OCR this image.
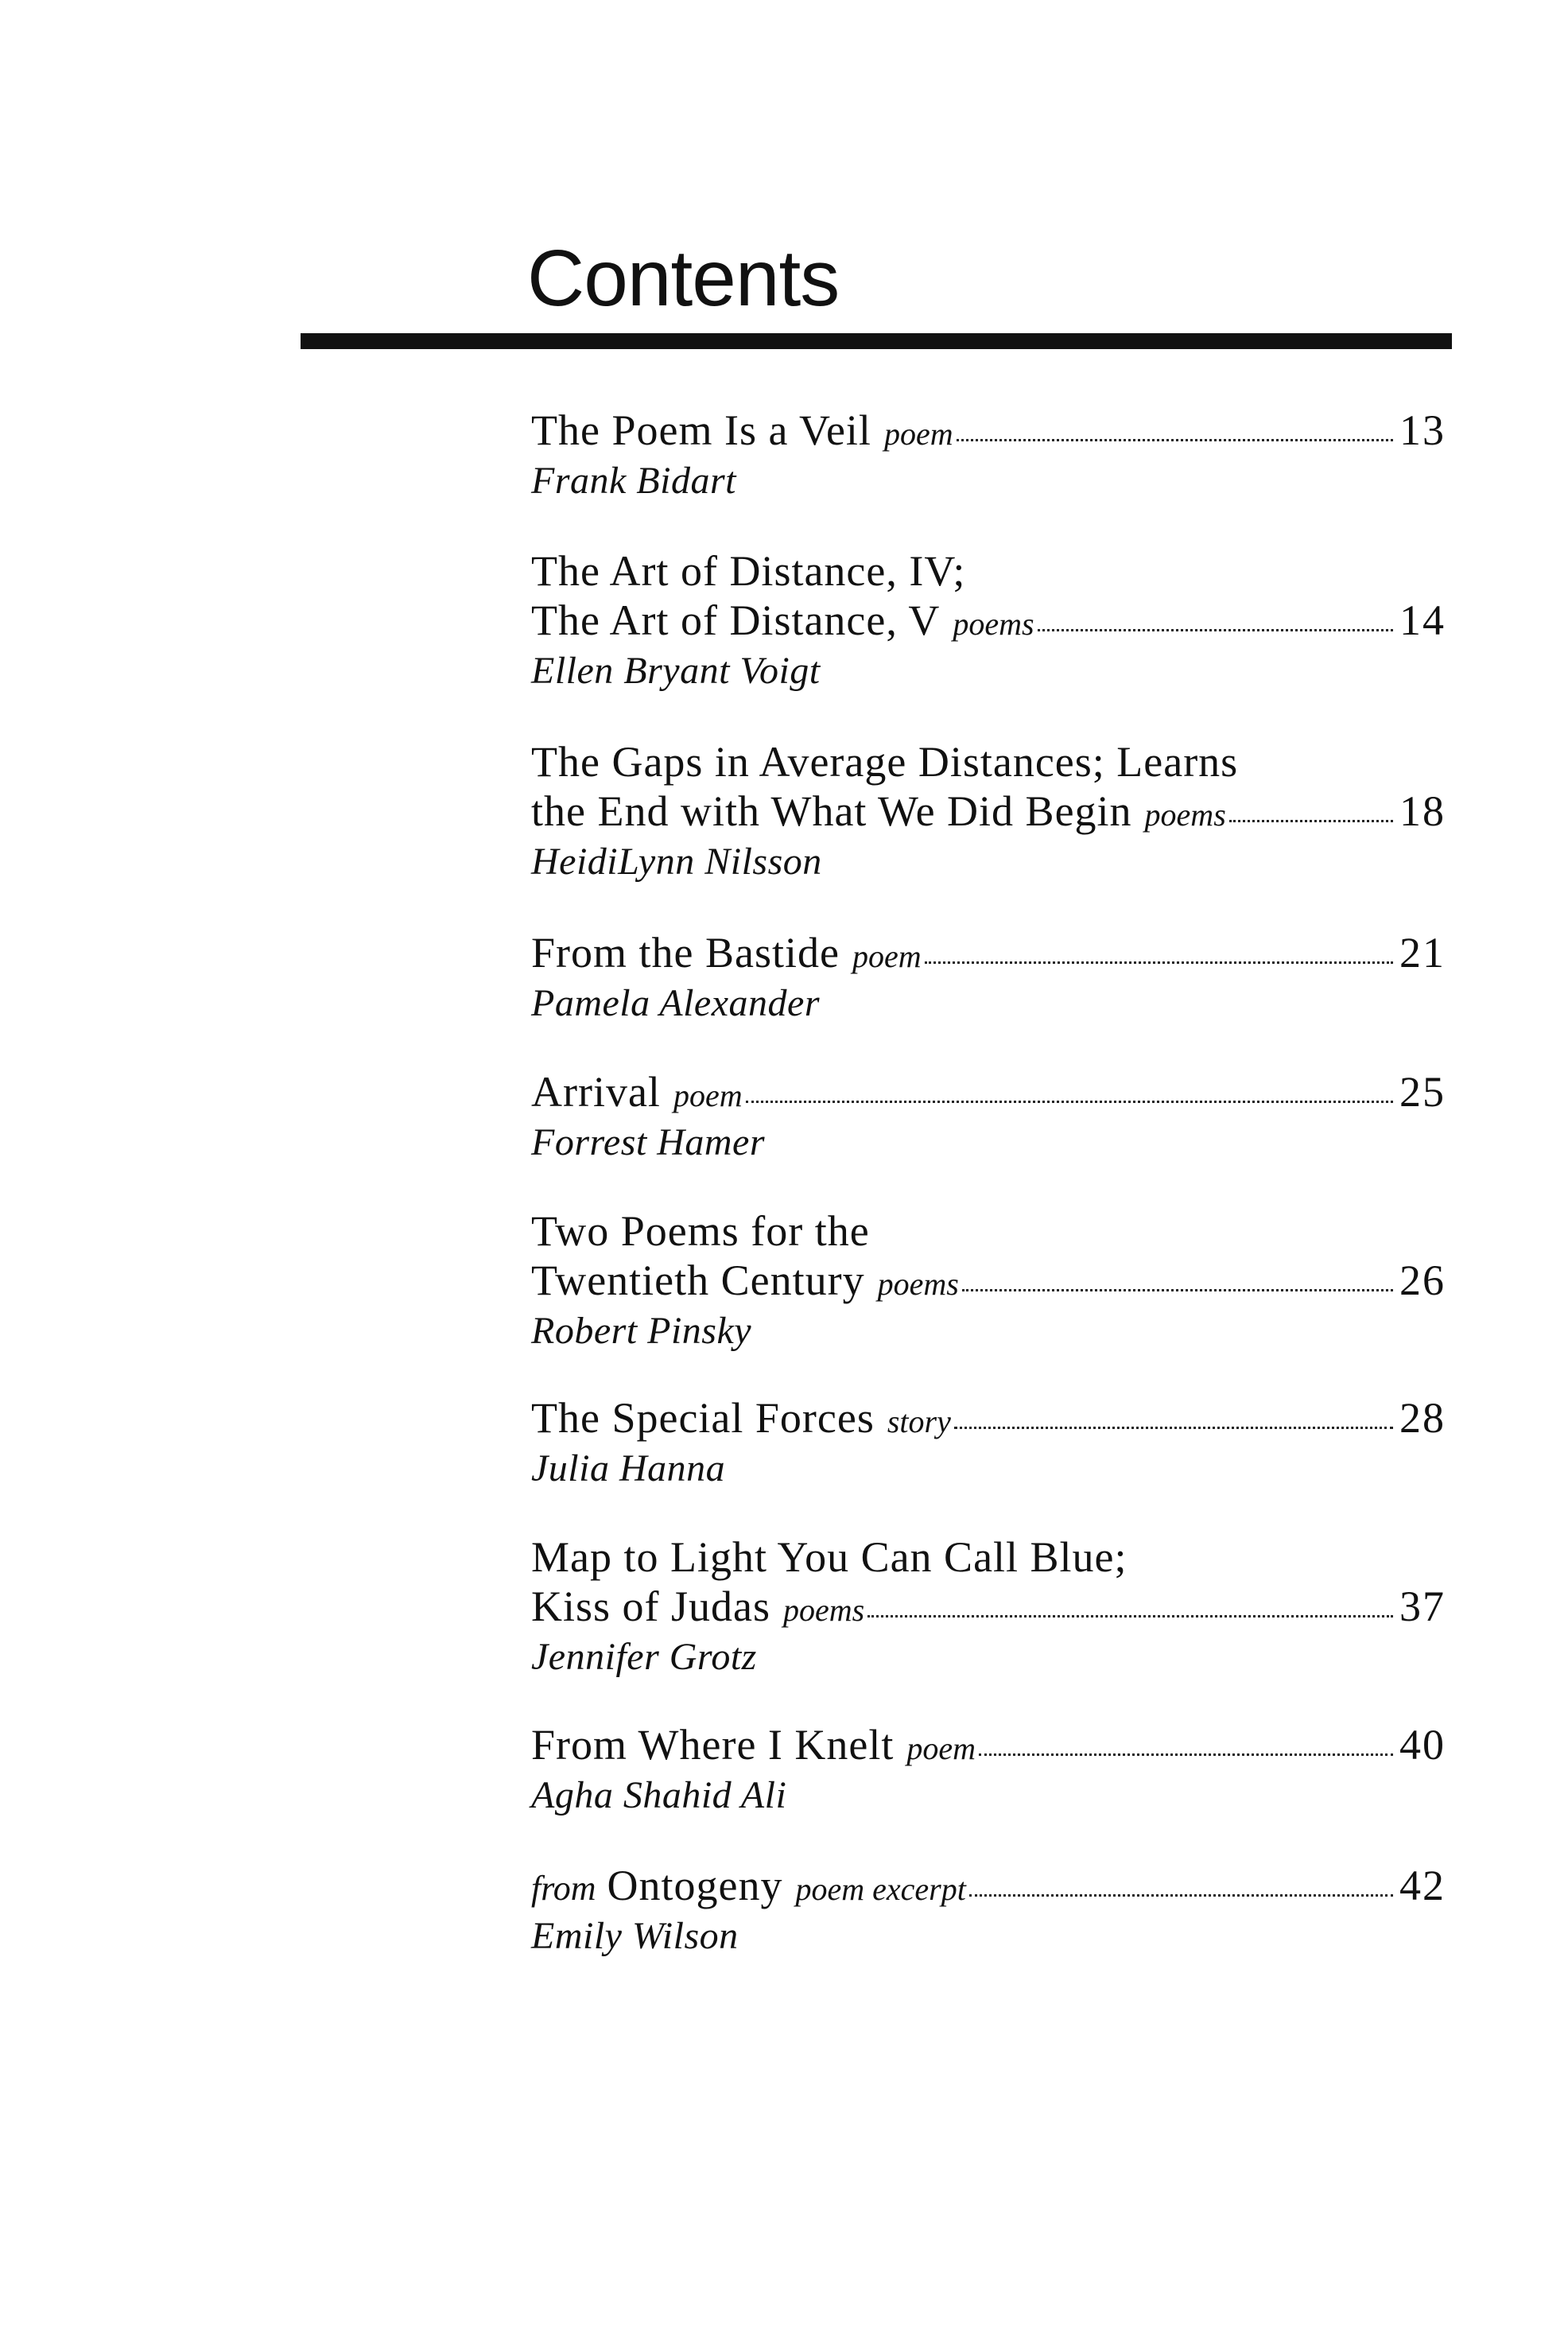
Contents
The Poem Is a Veil poem	13
Frank Bidart
The Art of Distance, IV;
The Art of Distance, V poems	14
Ellen Bryant Voigt
The Gaps in Average Distances; Learns
the End with What We Did Begin poems	18
HeidiLynn Nilsson
From the Bastide poem	21
Pamela Alexander
Arrival poem	25
Forrest Hamer
Two Poems for the
Twentieth Century poems	26
Robert Pinsky
The Special Forces story	28
Julia Hanna
Map to Light You Can Call Blue;
Kiss of Judas poems	37
Jennifer Grotz
From Where I Knelt poem	40
Agha Shahid Ali
from Ontogeny poem excerpt	42
Emily Wilson
